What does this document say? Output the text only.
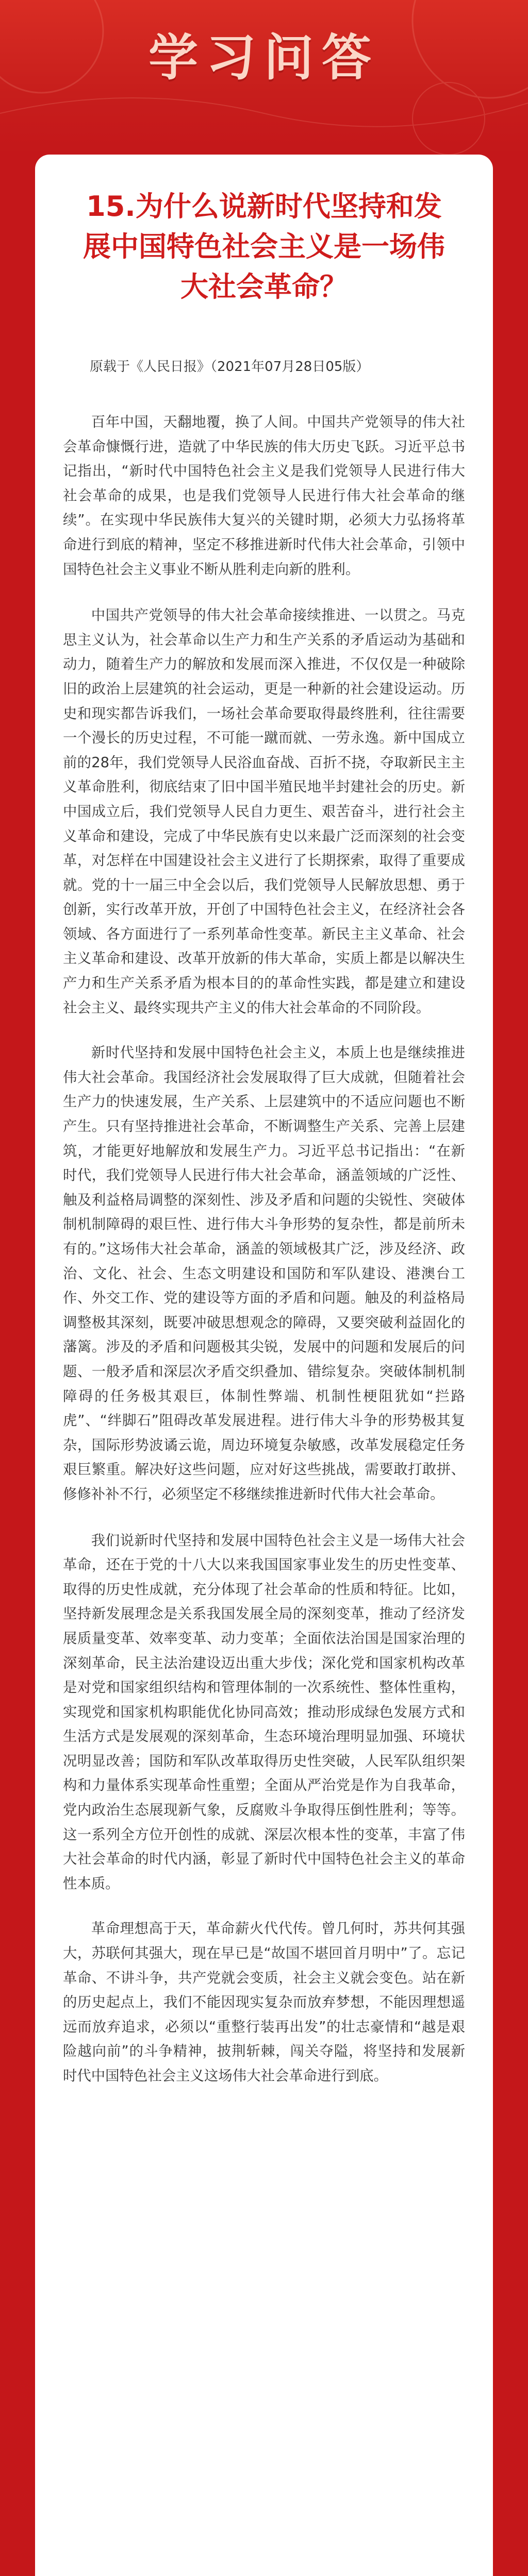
学习问答
15.为什么说新时代坚持和发展中国特色社会主义是一场伟大社会革命？

原载于《人民日报》（2021年07月28日05版）

百年中国，天翻地覆，换了人间。中国共产党领导的伟大社会革命慷慨行进，造就了中华民族的伟大历史飞跃。习近平总书记指出，“新时代中国特色社会主义是我们党领导人民进行伟大社会革命的成果，也是我们党领导人民进行伟大社会革命的继续”。在实现中华民族伟大复兴的关键时期，必须大力弘扬将革命进行到底的精神，坚定不移推进新时代伟大社会革命，引领中国特色社会主义事业不断从胜利走向新的胜利。

中国共产党领导的伟大社会革命接续推进、一以贯之。马克思主义认为，社会革命以生产力和生产关系的矛盾运动为基础和动力，随着生产力的解放和发展而深入推进，不仅仅是一种破除旧的政治上层建筑的社会运动，更是一种新的社会建设运动。历史和现实都告诉我们，一场社会革命要取得最终胜利，往往需要一个漫长的历史过程，不可能一蹴而就、一劳永逸。新中国成立前的28年，我们党领导人民浴血奋战、百折不挠，夺取新民主主义革命胜利，彻底结束了旧中国半殖民地半封建社会的历史。新中国成立后，我们党领导人民自力更生、艰苦奋斗，进行社会主义革命和建设，完成了中华民族有史以来最广泛而深刻的社会变革，对怎样在中国建设社会主义进行了长期探索，取得了重要成就。党的十一届三中全会以后，我们党领导人民解放思想、勇于创新，实行改革开放，开创了中国特色社会主义，在经济社会各领域、各方面进行了一系列革命性变革。新民主主义革命、社会主义革命和建设、改革开放新的伟大革命，实质上都是以解决生产力和生产关系矛盾为根本目的的革命性实践，都是建立和建设社会主义、最终实现共产主义的伟大社会革命的不同阶段。

新时代坚持和发展中国特色社会主义，本质上也是继续推进伟大社会革命。我国经济社会发展取得了巨大成就，但随着社会生产力的快速发展，生产关系、上层建筑中的不适应问题也不断产生。只有坚持推进社会革命，不断调整生产关系、完善上层建筑，才能更好地解放和发展生产力。习近平总书记指出：“在新时代，我们党领导人民进行伟大社会革命，涵盖领域的广泛性、触及利益格局调整的深刻性、涉及矛盾和问题的尖锐性、突破体制机制障碍的艰巨性、进行伟大斗争形势的复杂性，都是前所未有的。”这场伟大社会革命，涵盖的领域极其广泛，涉及经济、政治、文化、社会、生态文明建设和国防和军队建设、港澳台工作、外交工作、党的建设等方面的矛盾和问题。触及的利益格局调整极其深刻，既要冲破思想观念的障碍，又要突破利益固化的藩篱。涉及的矛盾和问题极其尖锐，发展中的问题和发展后的问题、一般矛盾和深层次矛盾交织叠加、错综复杂。突破体制机制障碍的任务极其艰巨，体制性弊端、机制性梗阻犹如“拦路虎”、“绊脚石”阻碍改革发展进程。进行伟大斗争的形势极其复杂，国际形势波谲云诡，周边环境复杂敏感，改革发展稳定任务艰巨繁重。解决好这些问题，应对好这些挑战，需要敢打敢拼、修修补补不行，必须坚定不移继续推进新时代伟大社会革命。

我们说新时代坚持和发展中国特色社会主义是一场伟大社会革命，还在于党的十八大以来我国国家事业发生的历史性变革、取得的历史性成就，充分体现了社会革命的性质和特征。比如，坚持新发展理念是关系我国发展全局的深刻变革，推动了经济发展质量变革、效率变革、动力变革；全面依法治国是国家治理的深刻革命，民主法治建设迈出重大步伐；深化党和国家机构改革是对党和国家组织结构和管理体制的一次系统性、整体性重构，实现党和国家机构职能优化协同高效；推动形成绿色发展方式和生活方式是发展观的深刻革命，生态环境治理明显加强、环境状况明显改善；国防和军队改革取得历史性突破，人民军队组织架构和力量体系实现革命性重塑；全面从严治党是作为自我革命，党内政治生态展现新气象，反腐败斗争取得压倒性胜利；等等。这一系列全方位开创性的成就、深层次根本性的变革，丰富了伟大社会革命的时代内涵，彰显了新时代中国特色社会主义的革命性本质。

革命理想高于天，革命薪火代代传。曾几何时，苏共何其强大，苏联何其强大，现在早已是“故国不堪回首月明中”了。忘记革命、不讲斗争，共产党就会变质，社会主义就会变色。站在新的历史起点上，我们不能因现实复杂而放弃梦想，不能因理想遥远而放弃追求，必须以“重整行装再出发”的壮志豪情和“越是艰险越向前”的斗争精神，披荆斩棘，闯关夺隘，将坚持和发展新时代中国特色社会主义这场伟大社会革命进行到底。
